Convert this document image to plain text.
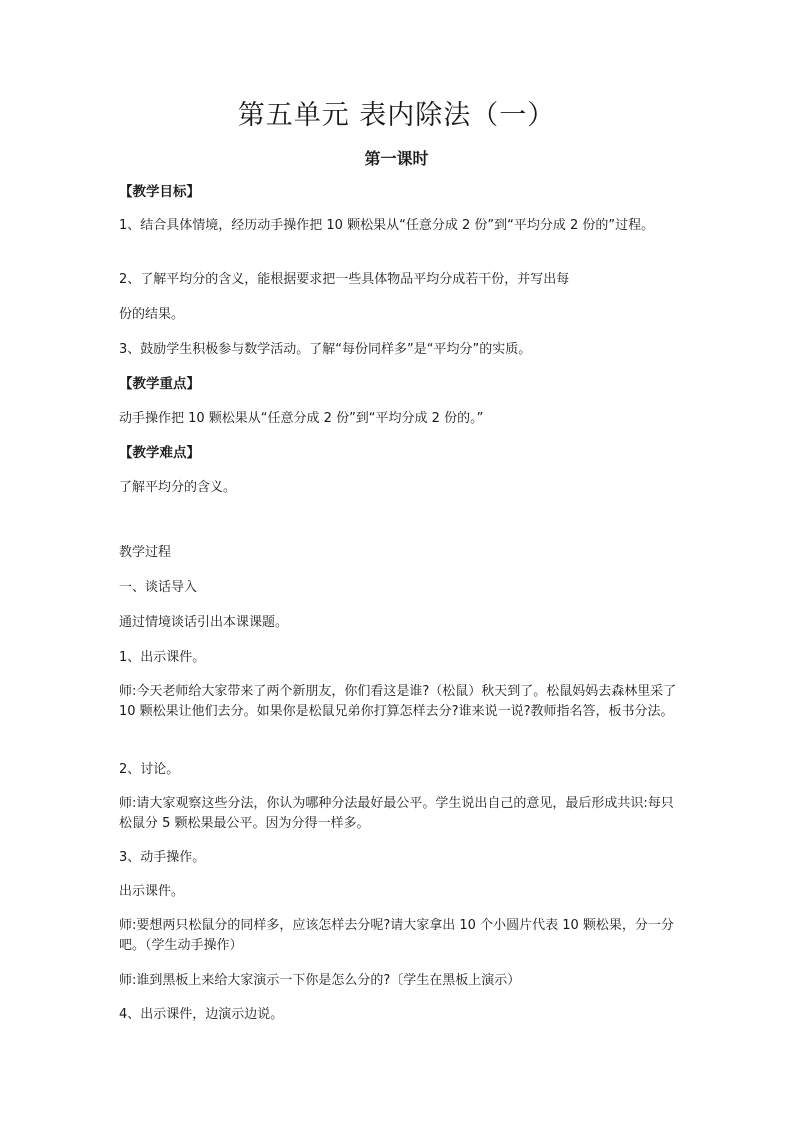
第五单元 表内除法（一）
第一课时
【教学目标】
1、结合具体情境，经历动手操作把 10 颗松果从“任意分成 2 份”到“平均分成 2 份的”过程。
2、了解平均分的含义，能根据要求把一些具体物品平均分成若干份，并写出每
份的结果。
3、鼓励学生积极参与数学活动。了解“每份同样多”是“平均分”的实质。
【教学重点】
动手操作把 10 颗松果从“任意分成 2 份”到“平均分成 2 份的。”
【教学难点】
了解平均分的含义。
教学过程
一、谈话导入
通过情境谈话引出本课课题。
1、出示课件。
师:今天老师给大家带来了两个新朋友，你们看这是谁?（松鼠）秋天到了。松鼠妈妈去森林里采了 10 颗松果让他们去分。如果你是松鼠兄弟你打算怎样去分?谁来说一说?教师指名答，板书分法。
2、讨论。
师:请大家观察这些分法，你认为哪种分法最好最公平。学生说出自己的意见，最后形成共识:每只松鼠分 5 颗松果最公平。因为分得一样多。
3、动手操作。
出示课件。
师:要想两只松鼠分的同样多，应该怎样去分呢?请大家拿出 10 个小圆片代表 10 颗松果，分一分吧。（学生动手操作）
师:谁到黑板上来给大家演示一下你是怎么分的?〔学生在黑板上演示）
4、出示课件，边演示边说。
